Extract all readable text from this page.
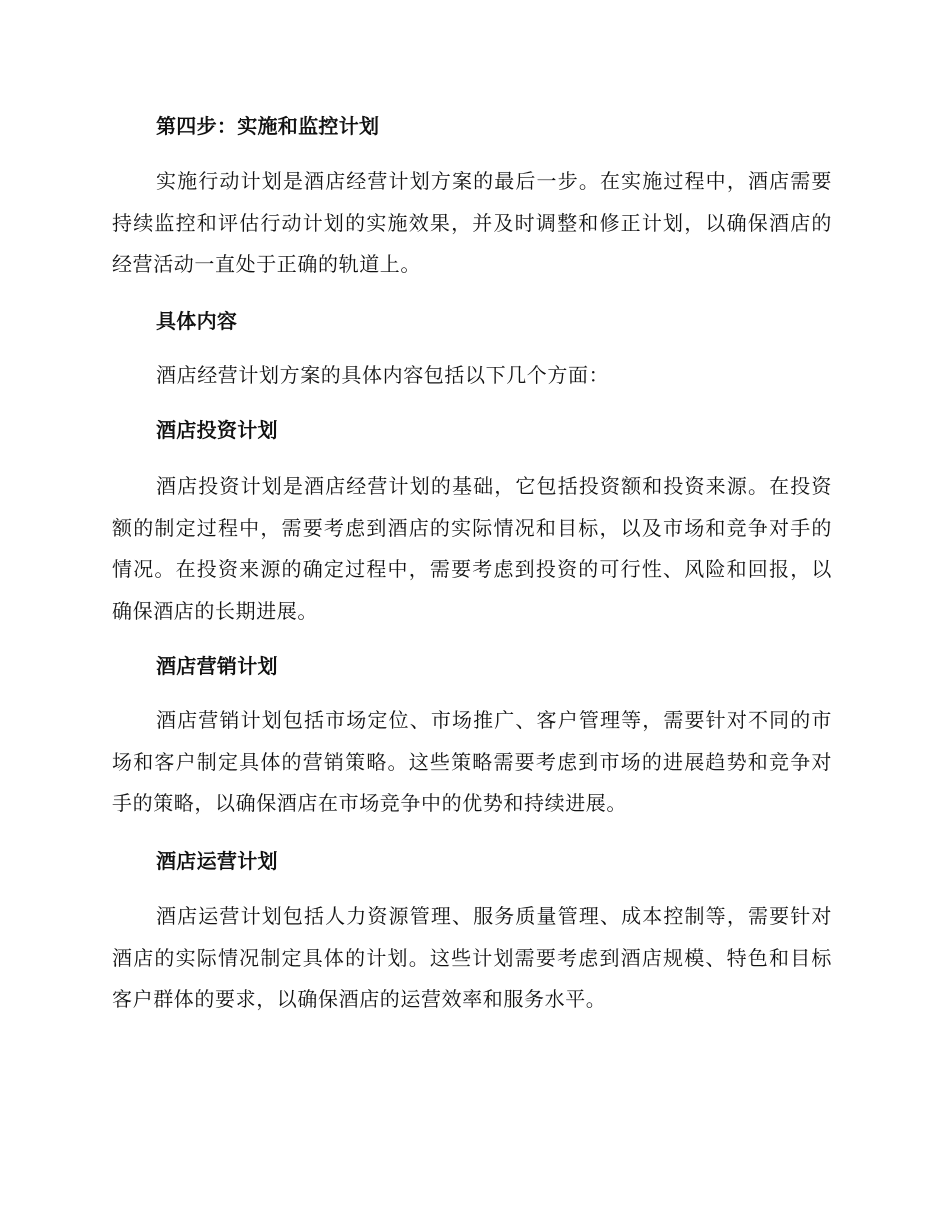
第四步：实施和监控计划

实施行动计划是酒店经营计划方案的最后一步。在实施过程中，酒店需要持续监控和评估行动计划的实施效果，并及时调整和修正计划，以确保酒店的经营活动一直处于正确的轨道上。

具体内容

酒店经营计划方案的具体内容包括以下几个方面：

酒店投资计划

酒店投资计划是酒店经营计划的基础，它包括投资额和投资来源。在投资额的制定过程中，需要考虑到酒店的实际情况和目标，以及市场和竞争对手的情况。在投资来源的确定过程中，需要考虑到投资的可行性、风险和回报，以确保酒店的长期进展。

酒店营销计划

酒店营销计划包括市场定位、市场推广、客户管理等，需要针对不同的市场和客户制定具体的营销策略。这些策略需要考虑到市场的进展趋势和竞争对手的策略，以确保酒店在市场竞争中的优势和持续进展。

酒店运营计划

酒店运营计划包括人力资源管理、服务质量管理、成本控制等，需要针对酒店的实际情况制定具体的计划。这些计划需要考虑到酒店规模、特色和目标客户群体的要求，以确保酒店的运营效率和服务水平。
